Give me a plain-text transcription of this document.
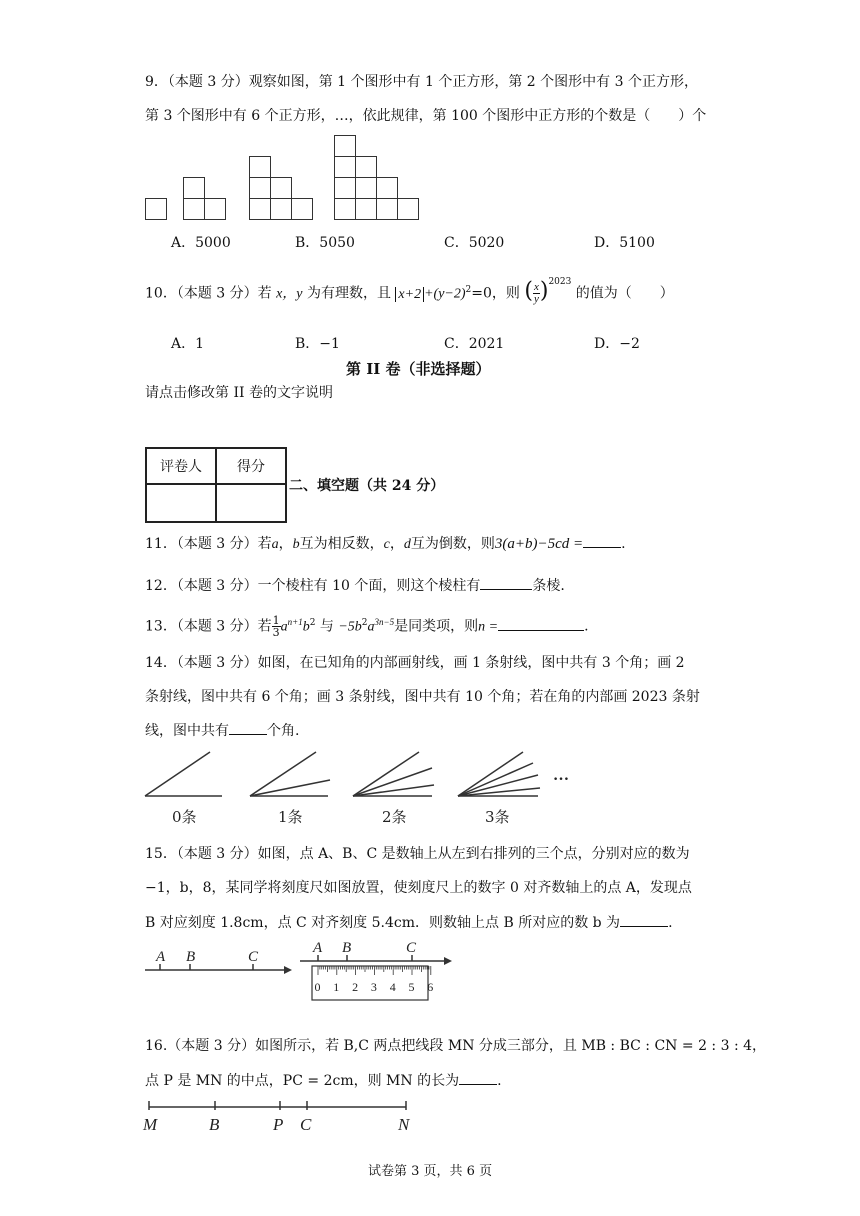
9．（本题 3 分）观察如图，第 1 个图形中有 1 个正方形，第 2 个图形中有 3 个正方形，
第 3 个图形中有 6 个正方形，…，依此规律，第 100 个图形中正方形的个数是（　　）个
A．5000	B．5050	C．5020	D．5100
10．（本题 3 分）若 x，y 为有理数，且 $x+2 +(y-2)^2=0$，则 ( $\frac{x}{y} )^{2023}$ 的值为（　　）
A．1	B．−1	C．2021	D．−2
第 II 卷（非选择题）
请点击修改第 II 卷的文字说明
评卷人	得分

二、填空题（共 24 分）
11．（本题 3 分）若a，b互为相反数，c，d互为倒数，则3(a+b)−5cd =	.
12．（本题 3 分）一个棱柱有 10 个面，则这个棱柱有	条棱.
13．（本题 3 分）若 $\frac{1}{3} a^{n+1}b^2$ 与 $-5b^2a^{3n-5}$是同类项，则n =	.
14．（本题 3 分）如图，在已知角的内部画射线，画 1 条射线，图中共有 3 个角；画 2
条射线，图中共有 6 个角；画 3 条射线，图中共有 10 个角；若在角的内部画 2023 条射
线，图中共有	个角.
…
0条	1条	2条	3条
15．（本题 3 分）如图，点 A、B、C 是数轴上从左到右排列的三个点，分别对应的数为
−1，b，8，某同学将刻度尺如图放置，使刻度尺上的数字 0 对齐数轴上的点 A，发现点
B 对应刻度 1.8cm，点 C 对齐刻度 5.4cm．则数轴上点 B 所对应的数 b 为	.
A B	C
A B	C
0 1 2 3 4 5 6
16.（本题 3 分）如图所示，若 B,C 两点把线段 MN 分成三部分，且 MB : BC : CN = 2 : 3 : 4，
点 P 是 MN 的中点，PC = 2cm，则 MN 的长为	.
M	B	P C	N
试卷第 3 页，共 6 页
